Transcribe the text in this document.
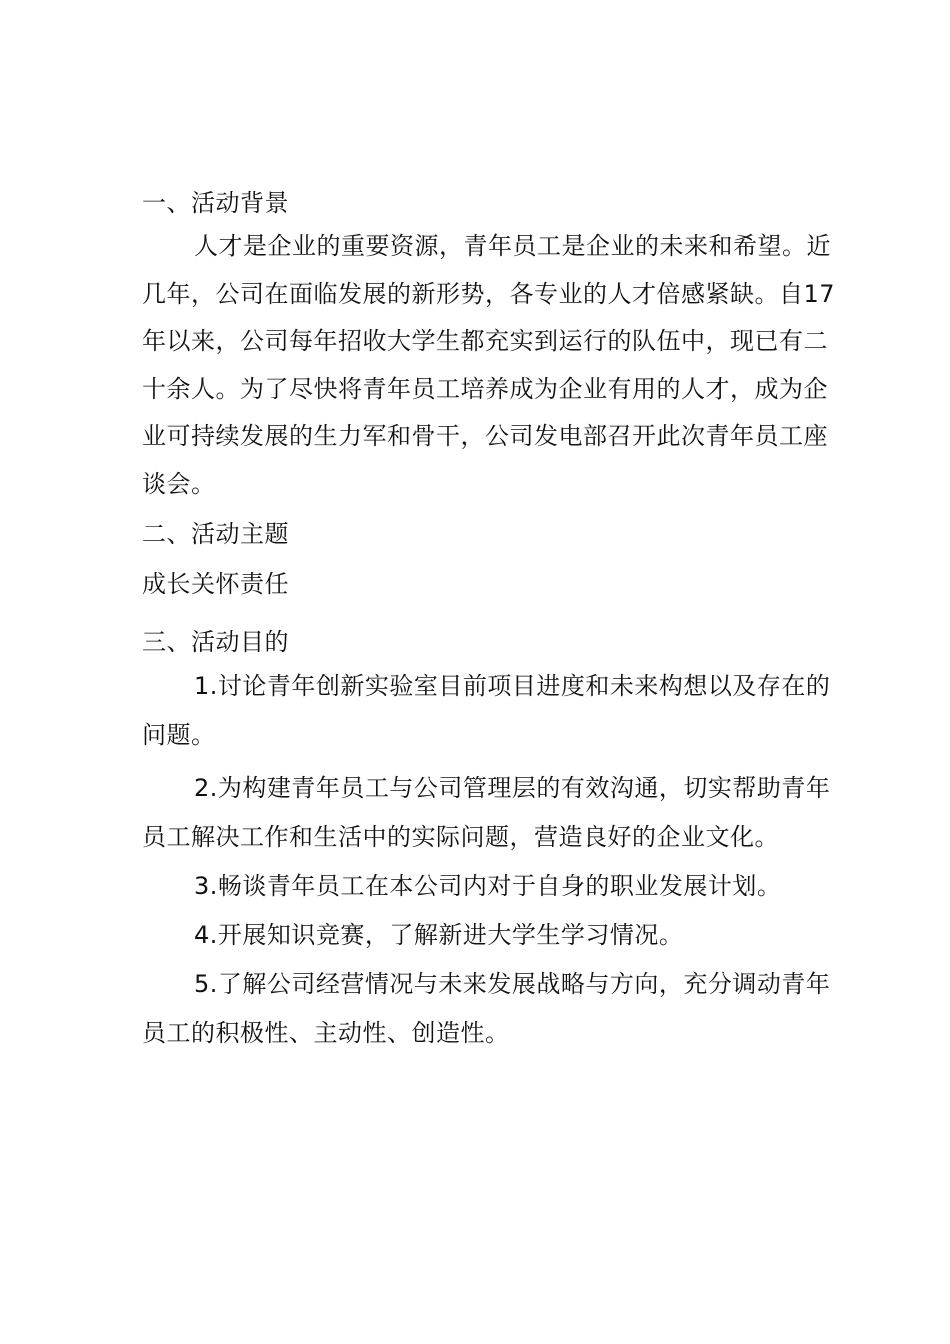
一、活动背景

人才是企业的重要资源，青年员工是企业的未来和希望。近几年，公司在面临发展的新形势，各专业的人才倍感紧缺。自17年以来，公司每年招收大学生都充实到运行的队伍中，现已有二十余人。为了尽快将青年员工培养成为企业有用的人才，成为企业可持续发展的生力军和骨干，公司发电部召开此次青年员工座谈会。

二、活动主题

成长关怀责任

三、活动目的

1.讨论青年创新实验室目前项目进度和未来构想以及存在的问题。

2.为构建青年员工与公司管理层的有效沟通，切实帮助青年员工解决工作和生活中的实际问题，营造良好的企业文化。

3.畅谈青年员工在本公司内对于自身的职业发展计划。

4.开展知识竞赛，了解新进大学生学习情况。

5.了解公司经营情况与未来发展战略与方向，充分调动青年员工的积极性、主动性、创造性。
